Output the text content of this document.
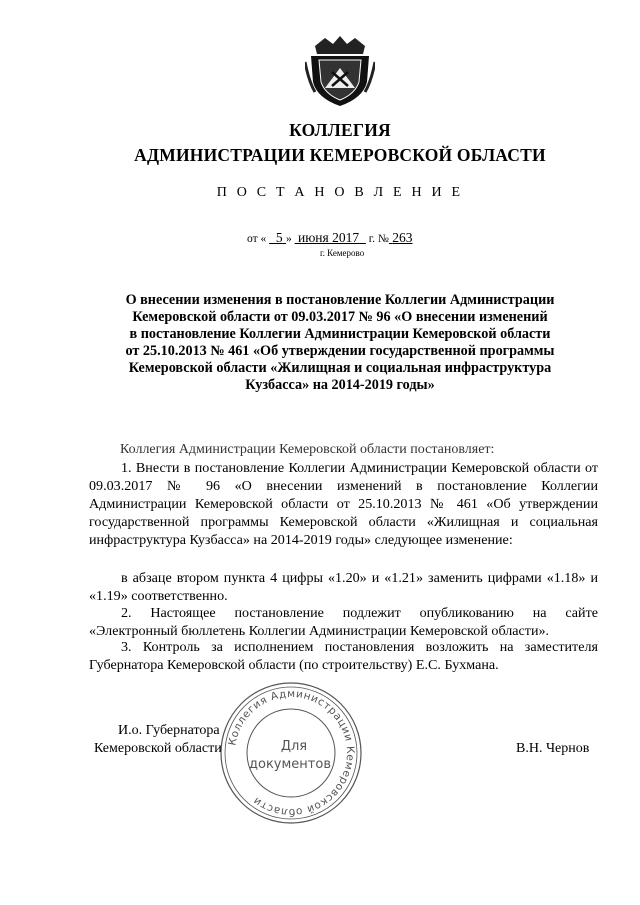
КОЛЛЕГИЯ
АДМИНИСТРАЦИИ КЕМЕРОВСКОЙ ОБЛАСТИ
П О С Т А Н О В Л Е Н И Е
от « 5 » июня 2017 г. № 263
г. Кемерово
О внесении изменения в постановление Коллегии Администрации
Кемеровской области от 09.03.2017 № 96 «О внесении изменений
в постановление Коллегии Администрации Кемеровской области
от 25.10.2013 № 461 «Об утверждении государственной программы
Кемеровской области «Жилищная и социальная инфраструктура
Кузбасса» на 2014-2019 годы»
Коллегия Администрации Кемеровской области постановляет:

1. Внести в постановление Коллегии Администрации Кемеровской области от 09.03.2017 № 96 «О внесении изменений в постановление Коллегии Администрации Кемеровской области от 25.10.2013 № 461 «Об утверждении государственной программы Кемеровской области «Жилищная и социальная инфраструктура Кузбасса» на 2014-2019 годы» следующее изменение:

в абзаце втором пункта 4 цифры «1.20» и «1.21» заменить цифрами «1.18» и «1.19» соответственно.

2. Настоящее постановление подлежит опубликованию на сайте «Электронный бюллетень Коллегии Администрации Кемеровской области».

3. Контроль за исполнением постановления возложить на заместителя Губернатора Кемеровской области (по строительству) Е.С. Бухмана.

И.о. Губернатора
Кемеровской области	В.Н. Чернов
Коллегия Администрации Кемеровской области
Для
документов
